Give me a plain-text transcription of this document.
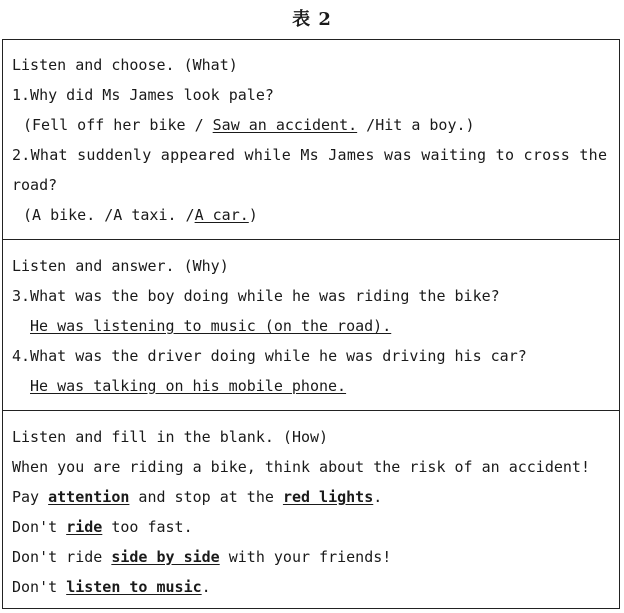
表 2
Listen and choose. (What)
1.Why did Ms James look pale?
(Fell off her bike / Saw an accident. /Hit a boy.)
2.What suddenly appeared while Ms James was waiting to cross the
road?
(A bike. /A taxi. /A car.)
Listen and answer. (Why)
3.What was the boy doing while he was riding the bike?
He was listening to music (on the road).
4.What was the driver doing while he was driving his car?
He was talking on his mobile phone.
Listen and fill in the blank. (How)
When you are riding a bike, think about the risk of an accident!
Pay attention and stop at the red lights.
Don't ride too fast.
Don't ride side by side with your friends!
Don't listen to music.
